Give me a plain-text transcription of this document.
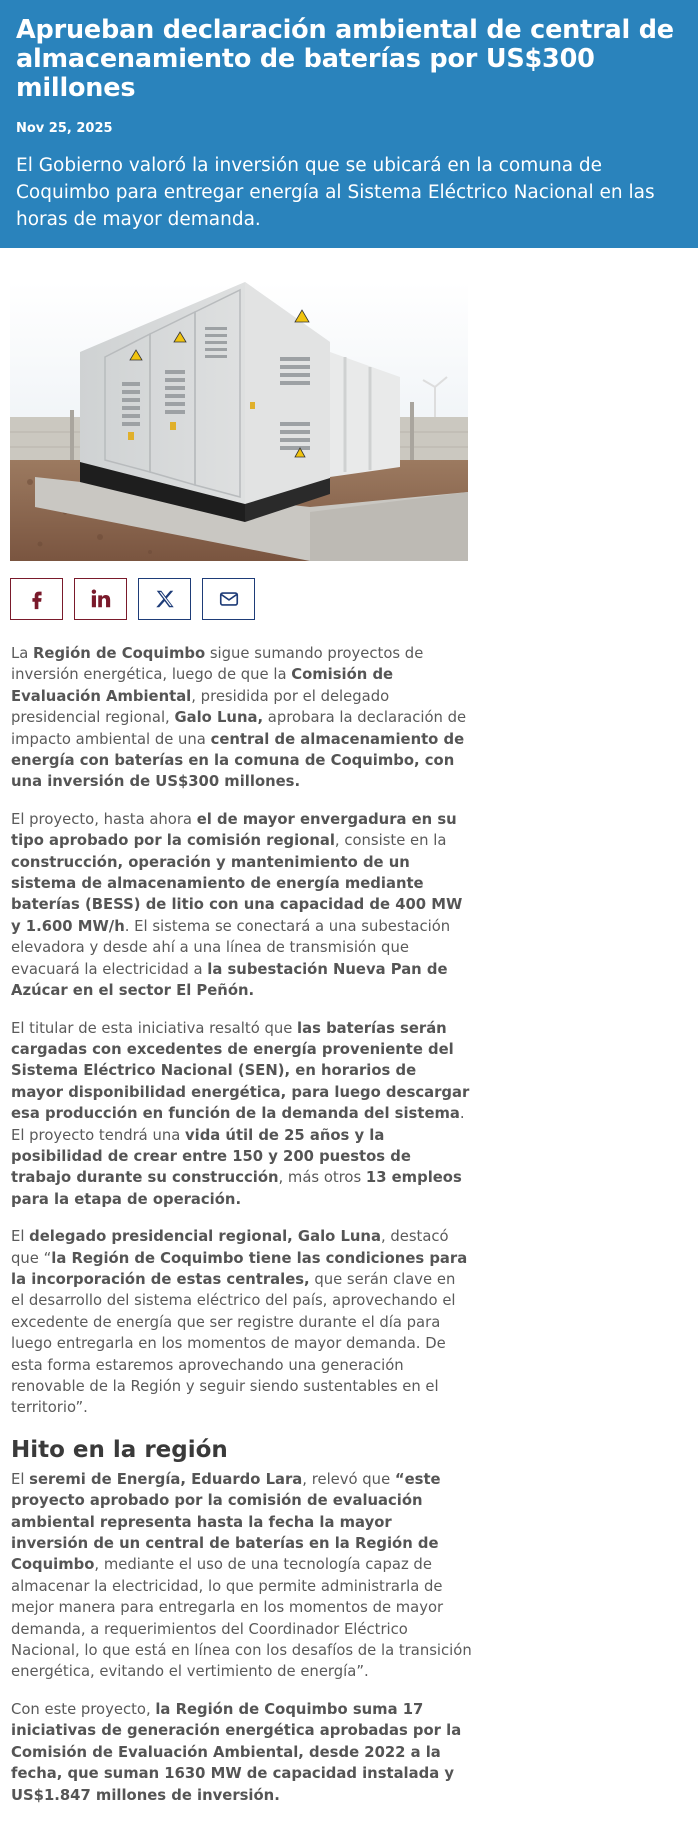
Aprueban declaración ambiental de central de almacenamiento de baterías por US$300 millones
Nov 25, 2025
El Gobierno valoró la inversión que se ubicará en la comuna de Coquimbo para entregar energía al Sistema Eléctrico Nacional en las horas de mayor demanda.

La Región de Coquimbo sigue sumando proyectos de inversión energética, luego de que la Comisión de Evaluación Ambiental, presidida por el delegado presidencial regional, Galo Luna, aprobara la declaración de impacto ambiental de una central de almacenamiento de energía con baterías en la comuna de Coquimbo, con una inversión de US$300 millones.

El proyecto, hasta ahora el de mayor envergadura en su tipo aprobado por la comisión regional, consiste en la construcción, operación y mantenimiento de un sistema de almacenamiento de energía mediante baterías (BESS) de litio con una capacidad de 400 MW y 1.600 MW/h. El sistema se conectará a una subestación elevadora y desde ahí a una línea de transmisión que evacuará la electricidad a la subestación Nueva Pan de Azúcar en el sector El Peñón.

El titular de esta iniciativa resaltó que las baterías serán cargadas con excedentes de energía proveniente del Sistema Eléctrico Nacional (SEN), en horarios de mayor disponibilidad energética, para luego descargar esa producción en función de la demanda del sistema. El proyecto tendrá una vida útil de 25 años y la posibilidad de crear entre 150 y 200 puestos de trabajo durante su construcción, más otros 13 empleos para la etapa de operación.

El delegado presidencial regional, Galo Luna, destacó que “la Región de Coquimbo tiene las condiciones para la incorporación de estas centrales, que serán clave en el desarrollo del sistema eléctrico del país, aprovechando el excedente de energía que ser registre durante el día para luego entregarla en los momentos de mayor demanda. De esta forma estaremos aprovechando una generación renovable de la Región y seguir siendo sustentables en el territorio”.

Hito en la región

El seremi de Energía, Eduardo Lara, relevó que “este proyecto aprobado por la comisión de evaluación ambiental representa hasta la fecha la mayor inversión de un central de baterías en la Región de Coquimbo, mediante el uso de una tecnología capaz de almacenar la electricidad, lo que permite administrarla de mejor manera para entregarla en los momentos de mayor demanda, a requerimientos del Coordinador Eléctrico Nacional, lo que está en línea con los desafíos de la transición energética, evitando el vertimiento de energía”.

Con este proyecto, la Región de Coquimbo suma 17 iniciativas de generación energética aprobadas por la Comisión de Evaluación Ambiental, desde 2022 a la fecha, que suman 1630 MW de capacidad instalada y US$1.847 millones de inversión.
